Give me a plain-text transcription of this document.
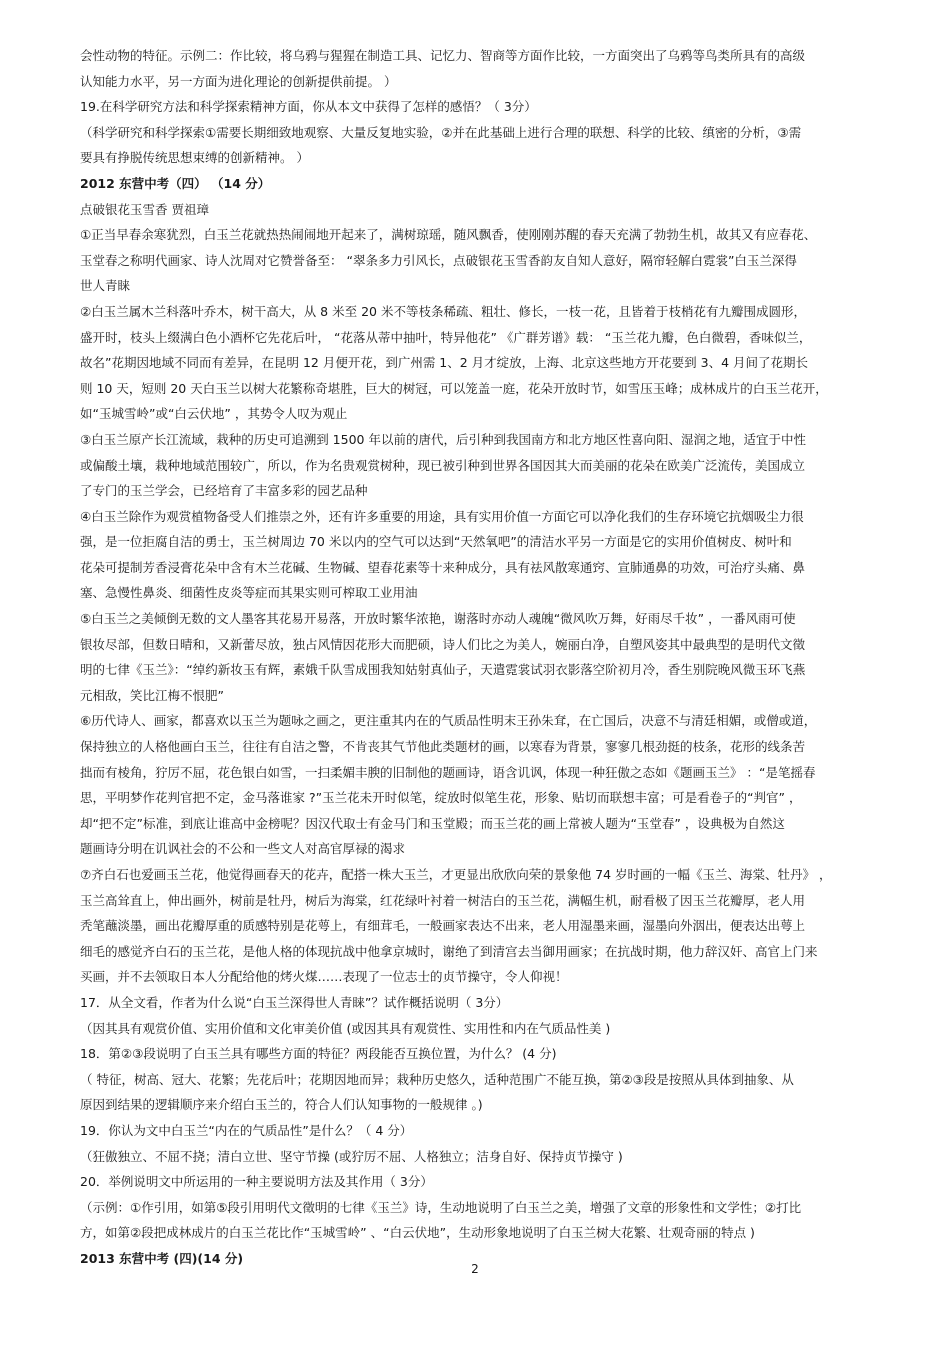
会性动物的特征。示例二：作比较，将乌鸦与猩猩在制造工具、记忆力、智商等方面作比较，一方面突出了乌鸦等鸟类所具有的高级
认知能力水平，另一方面为进化理论的创新提供前提。 ）
19.在科学研究方法和科学探索精神方面，你从本文中获得了怎样的感悟？（ 3分）
（科学研究和科学探索①需要长期细致地观察、大量反复地实验，②并在此基础上进行合理的联想、科学的比较、缜密的分析，③需
要具有挣脱传统思想束缚的创新精神。 ）
2012 东营中考（四） （14 分）
点破银花玉雪香 贾祖璋
①正当早春余寒犹烈，白玉兰花就热热闹闹地开起来了，满树琼瑶，随风飘香，使刚刚苏醒的春天充满了勃勃生机，故其又有应春花、
玉堂春之称明代画家、诗人沈周对它赞誉备至： “翠条多力引风长，点破银花玉雪香韵友自知人意好，隔帘轻解白霓裳”白玉兰深得
世人青睐
②白玉兰属木兰科落叶乔木，树干高大，从 8 米至 20 米不等枝条稀疏、粗壮、修长，一枝一花，且皆着于枝梢花有九瓣围成圆形，
盛开时，枝头上缀满白色小酒杯它先花后叶， “花落从蒂中抽叶，特异他花” 《广群芳谱》载： “玉兰花九瓣，色白微碧，香味似兰，
故名”花期因地域不同而有差异，在昆明 12 月便开花，到广州需 1、2 月才绽放，上海、北京这些地方开花要到 3、4 月间了花期长
则 10 天，短则 20 天白玉兰以树大花繁称奇堪胜，巨大的树冠，可以笼盖一庭，花朵开放时节，如雪压玉峰；成林成片的白玉兰花开，
如“玉城雪岭”或“白云伏地” ，其势令人叹为观止
③白玉兰原产长江流域，栽种的历史可追溯到 1500 年以前的唐代，后引种到我国南方和北方地区性喜向阳、湿润之地，适宜于中性
或偏酸土壤，栽种地域范围较广，所以，作为名贵观赏树种，现已被引种到世界各国因其大而美丽的花朵在欧美广泛流传，美国成立
了专门的玉兰学会，已经培育了丰富多彩的园艺品种
④白玉兰除作为观赏植物备受人们推崇之外，还有许多重要的用途，具有实用价值一方面它可以净化我们的生存环境它抗烟吸尘力很
强，是一位拒腐自洁的勇士，玉兰树周边 70 米以内的空气可以达到“天然氧吧”的清洁水平另一方面是它的实用价值树皮、树叶和
花朵可提制芳香浸膏花朵中含有木兰花碱、生物碱、望春花素等十来种成分，具有祛风散寒通窍、宣肺通鼻的功效，可治疗头痛、鼻
塞、急慢性鼻炎、细菌性皮炎等症而其果实则可榨取工业用油
⑤白玉兰之美倾倒无数的文人墨客其花易开易落，开放时繁华浓艳，谢落时亦动人魂魄“微风吹万舞，好雨尽千妆” ，一番风雨可使
银妆尽部，但数日晴和，又新蕾尽放，独占风情因花形大而肥硕，诗人们比之为美人，婉丽白净，自塑风姿其中最典型的是明代文徵
明的七律《玉兰》：“绰约新妆玉有辉，素娥千队雪成围我知姑射真仙子，天遣霓裳试羽衣影落空阶初月冷，香生别院晚风微玉环飞燕
元相敌，笑比江梅不恨肥”
⑥历代诗人、画家，都喜欢以玉兰为题咏之画之，更注重其内在的气质品性明末王孙朱耷，在亡国后，决意不与清廷相媚，或僧或道，
保持独立的人格他画白玉兰，往往有自洁之警，不肯丧其气节他此类题材的画，以寒春为背景，寥寥几根劲挺的枝条，花形的线条苦
拙而有棱角，狞厉不屈，花色银白如雪，一扫柔媚丰腴的旧制他的题画诗，语含讥讽，体现一种狂傲之态如《题画玉兰》 ：“是笔摇春
思，平明梦作花判官把不定，金马落谁家 ?”玉兰花未开时似笔，绽放时似笔生花，形象、贴切而联想丰富；可是看卷子的“判官” ，
却“把不定”标准，到底让谁高中金榜呢？因汉代取士有金马门和玉堂殿；而玉兰花的画上常被人题为“玉堂春” ，设典极为自然这
题画诗分明在讥讽社会的不公和一些文人对高官厚禄的渴求
⑦齐白石也爱画玉兰花，他觉得画春天的花卉，配搭一株大玉兰，才更显出欣欣向荣的景象他 74 岁时画的一幅《玉兰、海棠、牡丹》 ，
玉兰高耸直上，伸出画外，树前是牡丹，树后为海棠，红花绿叶衬着一树洁白的玉兰花，满幅生机，耐看极了因玉兰花瓣厚，老人用
秃笔蘸淡墨，画出花瓣厚重的质感特别是花萼上，有细茸毛，一般画家表达不出来，老人用湿墨来画，湿墨向外洇出，便表达出萼上
细毛的感觉齐白石的玉兰花，是他人格的体现抗战中他拿京城时，谢绝了到清宫去当御用画家；在抗战时期，他力辞汉奸、高官上门来
买画，并不去领取日本人分配给他的烤火煤……表现了一位志士的贞节操守，令人仰视！
17．从全文看，作者为什么说“白玉兰深得世人青睐”？试作概括说明（ 3分）
（因其具有观赏价值、实用价值和文化审美价值 (或因其具有观赏性、实用性和内在气质品性美 )
18．第②③段说明了白玉兰具有哪些方面的特征？两段能否互换位置，为什么？ (4 分)
（ 特征，树高、冠大、花繁；先花后叶；花期因地而异；栽种历史悠久，适种范围广不能互换，第②③段是按照从具体到抽象、从
原因到结果的逻辑顺序来介绍白玉兰的，符合人们认知事物的一般规律 。)
19．你认为文中白玉兰“内在的气质品性”是什么？（ 4 分）
（狂傲独立、不屈不挠；清白立世、坚守节操 (或狞厉不屈、人格独立；洁身自好、保持贞节操守 )
20．举例说明文中所运用的一种主要说明方法及其作用（ 3分）
（示例：①作引用，如第⑤段引用明代文徵明的七律《玉兰》诗，生动地说明了白玉兰之美，增强了文章的形象性和文学性；②打比
方，如第②段把成林成片的白玉兰花比作“玉城雪岭” 、“白云伏地”，生动形象地说明了白玉兰树大花繁、壮观奇丽的特点 )
2013 东营中考 (四)(14 分)
2
